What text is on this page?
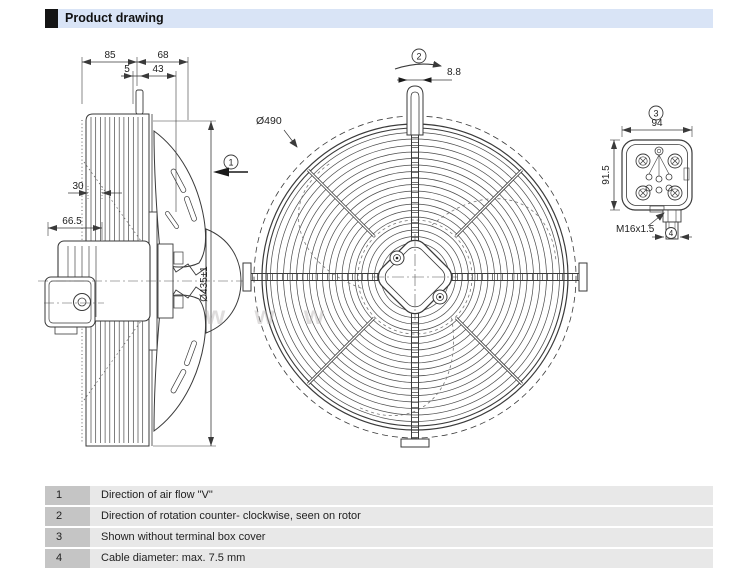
Product drawing
85	68
5 43
30
66.5
Ø435±1
1
8.8
2
Ø490
3
94
91.5
M16x1.5 4
w w w
1	Direction of air flow "V"
2	Direction of rotation counter- clockwise, seen on rotor
3	Shown without terminal box cover
4	Cable diameter: max. 7.5 mm
